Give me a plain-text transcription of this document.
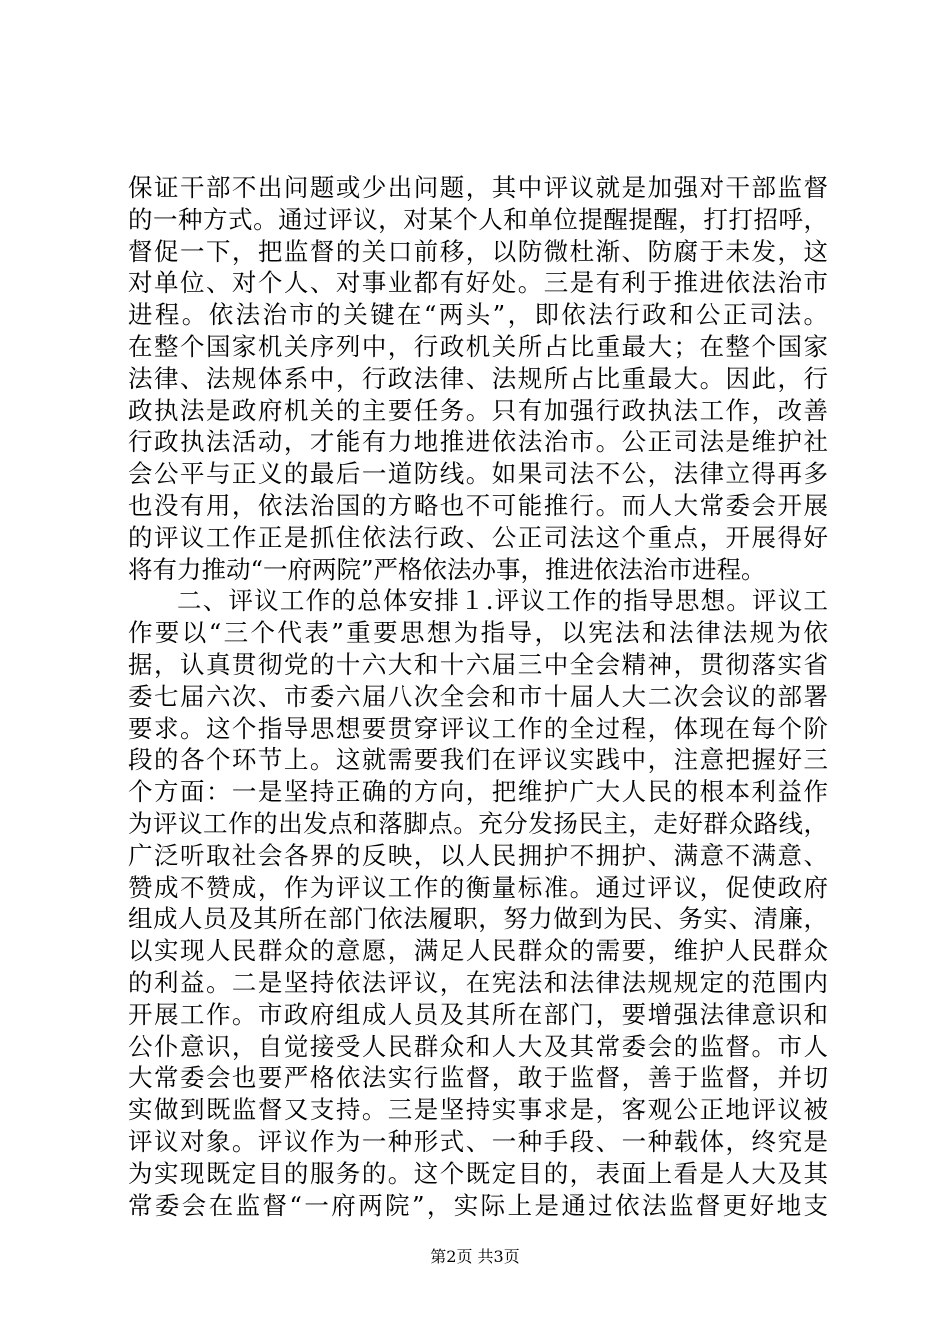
保证干部不出问题或少出问题，其中评议就是加强对干部监督
的一种方式。通过评议，对某个人和单位提醒提醒，打打招呼，
督促一下，把监督的关口前移，以防微杜渐、防腐于未发，这
对单位、对个人、对事业都有好处。三是有利于推进依法治市
进程。依法治市的关键在“两头”，即依法行政和公正司法。
在整个国家机关序列中，行政机关所占比重最大；在整个国家
法律、法规体系中，行政法律、法规所占比重最大。因此，行
政执法是政府机关的主要任务。只有加强行政执法工作，改善
行政执法活动，才能有力地推进依法治市。公正司法是维护社
会公平与正义的最后一道防线。如果司法不公，法律立得再多
也没有用，依法治国的方略也不可能推行。而人大常委会开展
的评议工作正是抓住依法行政、公正司法这个重点，开展得好
将有力推动“一府两院”严格依法办事，推进依法治市进程。
二、评议工作的总体安排１.评议工作的指导思想。评议工
作要以“三个代表”重要思想为指导，以宪法和法律法规为依
据，认真贯彻党的十六大和十六届三中全会精神，贯彻落实省
委七届六次、市委六届八次全会和市十届人大二次会议的部署
要求。这个指导思想要贯穿评议工作的全过程，体现在每个阶
段的各个环节上。这就需要我们在评议实践中，注意把握好三
个方面：一是坚持正确的方向，把维护广大人民的根本利益作
为评议工作的出发点和落脚点。充分发扬民主，走好群众路线，
广泛听取社会各界的反映，以人民拥护不拥护、满意不满意、
赞成不赞成，作为评议工作的衡量标准。通过评议，促使政府
组成人员及其所在部门依法履职，努力做到为民、务实、清廉，
以实现人民群众的意愿，满足人民群众的需要，维护人民群众
的利益。二是坚持依法评议，在宪法和法律法规规定的范围内
开展工作。市政府组成人员及其所在部门，要增强法律意识和
公仆意识，自觉接受人民群众和人大及其常委会的监督。市人
大常委会也要严格依法实行监督，敢于监督，善于监督，并切
实做到既监督又支持。三是坚持实事求是，客观公正地评议被
评议对象。评议作为一种形式、一种手段、一种载体，终究是
为实现既定目的服务的。这个既定目的，表面上看是人大及其
常委会在监督“一府两院”，实际上是通过依法监督更好地支
第2页 共3页
